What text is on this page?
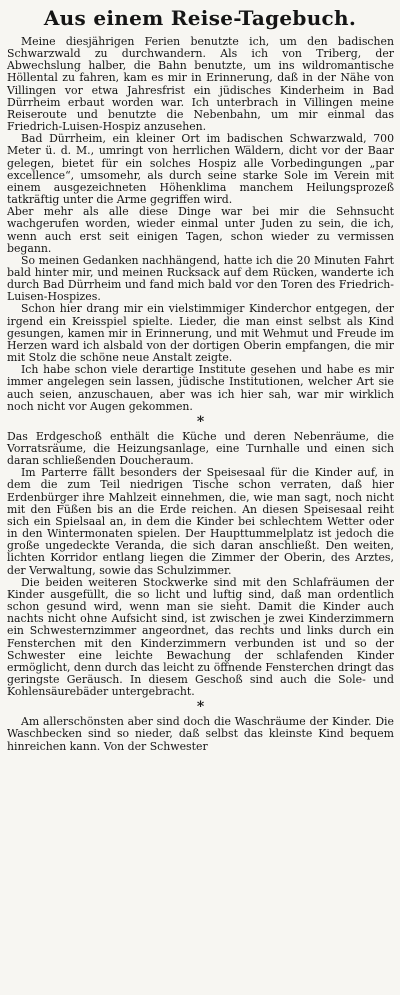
Aus einem Reise-Tagebuch.

Meine diesjährigen Ferien benutzte ich, um den badischen Schwarzwald zu durchwandern. Als ich von Triberg, der Abwechslung halber, die Bahn benutzte, um ins wildromantische Höllental zu fahren, kam es mir in Erinnerung, daß in der Nähe von Villingen vor etwa Jahresfrist ein jüdisches Kinderheim in Bad Dürrheim erbaut worden war. Ich unterbrach in Villingen meine Reiseroute und benutzte die Nebenbahn, um mir einmal das Friedrich-Luisen-Hospiz anzusehen.

Bad Dürrheim, ein kleiner Ort im badischen Schwarzwald, 700 Meter ü. d. M., umringt von herrlichen Wäldern, dicht vor der Baar gelegen, bietet für ein solches Hospiz alle Vorbedingungen „par excellence“, umsomehr, als durch seine starke Sole im Verein mit einem ausgezeichneten Höhenklima manchem Heilungsprozeß tatkräftig unter die Arme gegriffen wird.

Aber mehr als alle diese Dinge war bei mir die Sehnsucht wachgerufen worden, wieder einmal unter Juden zu sein, die ich, wenn auch erst seit einigen Tagen, schon wieder zu vermissen begann.

So meinen Gedanken nachhängend, hatte ich die 20 Minuten Fahrt bald hinter mir, und meinen Rucksack auf dem Rücken, wanderte ich durch Bad Dürrheim und fand mich bald vor den Toren des Friedrich-Luisen-Hospizes.

Schon hier drang mir ein vielstimmiger Kinderchor entgegen, der irgend ein Kreisspiel spielte. Lieder, die man einst selbst als Kind gesungen, kamen mir in Erinnerung, und mit Wehmut und Freude im Herzen ward ich alsbald von der dortigen Oberin empfangen, die mir mit Stolz die schöne neue Anstalt zeigte.

Ich habe schon viele derartige Institute gesehen und habe es mir immer angelegen sein lassen, jüdische Institutionen, welcher Art sie auch seien, anzuschauen, aber was ich hier sah, war mir wirklich noch nicht vor Augen gekommen.

*

Das Erdgeschoß enthält die Küche und deren Nebenräume, die Vorratsräume, die Heizungsanlage, eine Turnhalle und einen sich daran schließenden Doucheraum.

Im Parterre fällt besonders der Speisesaal für die Kinder auf, in dem die zum Teil niedrigen Tische schon verraten, daß hier Erdenbürger ihre Mahlzeit einnehmen, die, wie man sagt, noch nicht mit den Füßen bis an die Erde reichen. An diesen Speisesaal reiht sich ein Spielsaal an, in dem die Kinder bei schlechtem Wetter oder in den Wintermonaten spielen. Der Haupttummelplatz ist jedoch die große ungedeckte Veranda, die sich daran anschließt. Den weiten, lichten Korridor entlang liegen die Zimmer der Oberin, des Arztes, der Verwaltung, sowie das Schulzimmer.

Die beiden weiteren Stockwerke sind mit den Schlafräumen der Kinder ausgefüllt, die so licht und luftig sind, daß man ordentlich schon gesund wird, wenn man sie sieht. Damit die Kinder auch nachts nicht ohne Aufsicht sind, ist zwischen je zwei Kinderzimmern ein Schwesternzimmer angeordnet, das rechts und links durch ein Fensterchen mit den Kinderzimmern verbunden ist und so der Schwester eine leichte Bewachung der schlafenden Kinder ermöglicht, denn durch das leicht zu öffnende Fensterchen dringt das geringste Geräusch. In diesem Geschoß sind auch die Sole- und Kohlensäurebäder untergebracht.

*

Am allerschönsten aber sind doch die Waschräume der Kinder. Die Waschbecken sind so nieder, daß selbst das kleinste Kind bequem hinreichen kann. Von der Schwester
